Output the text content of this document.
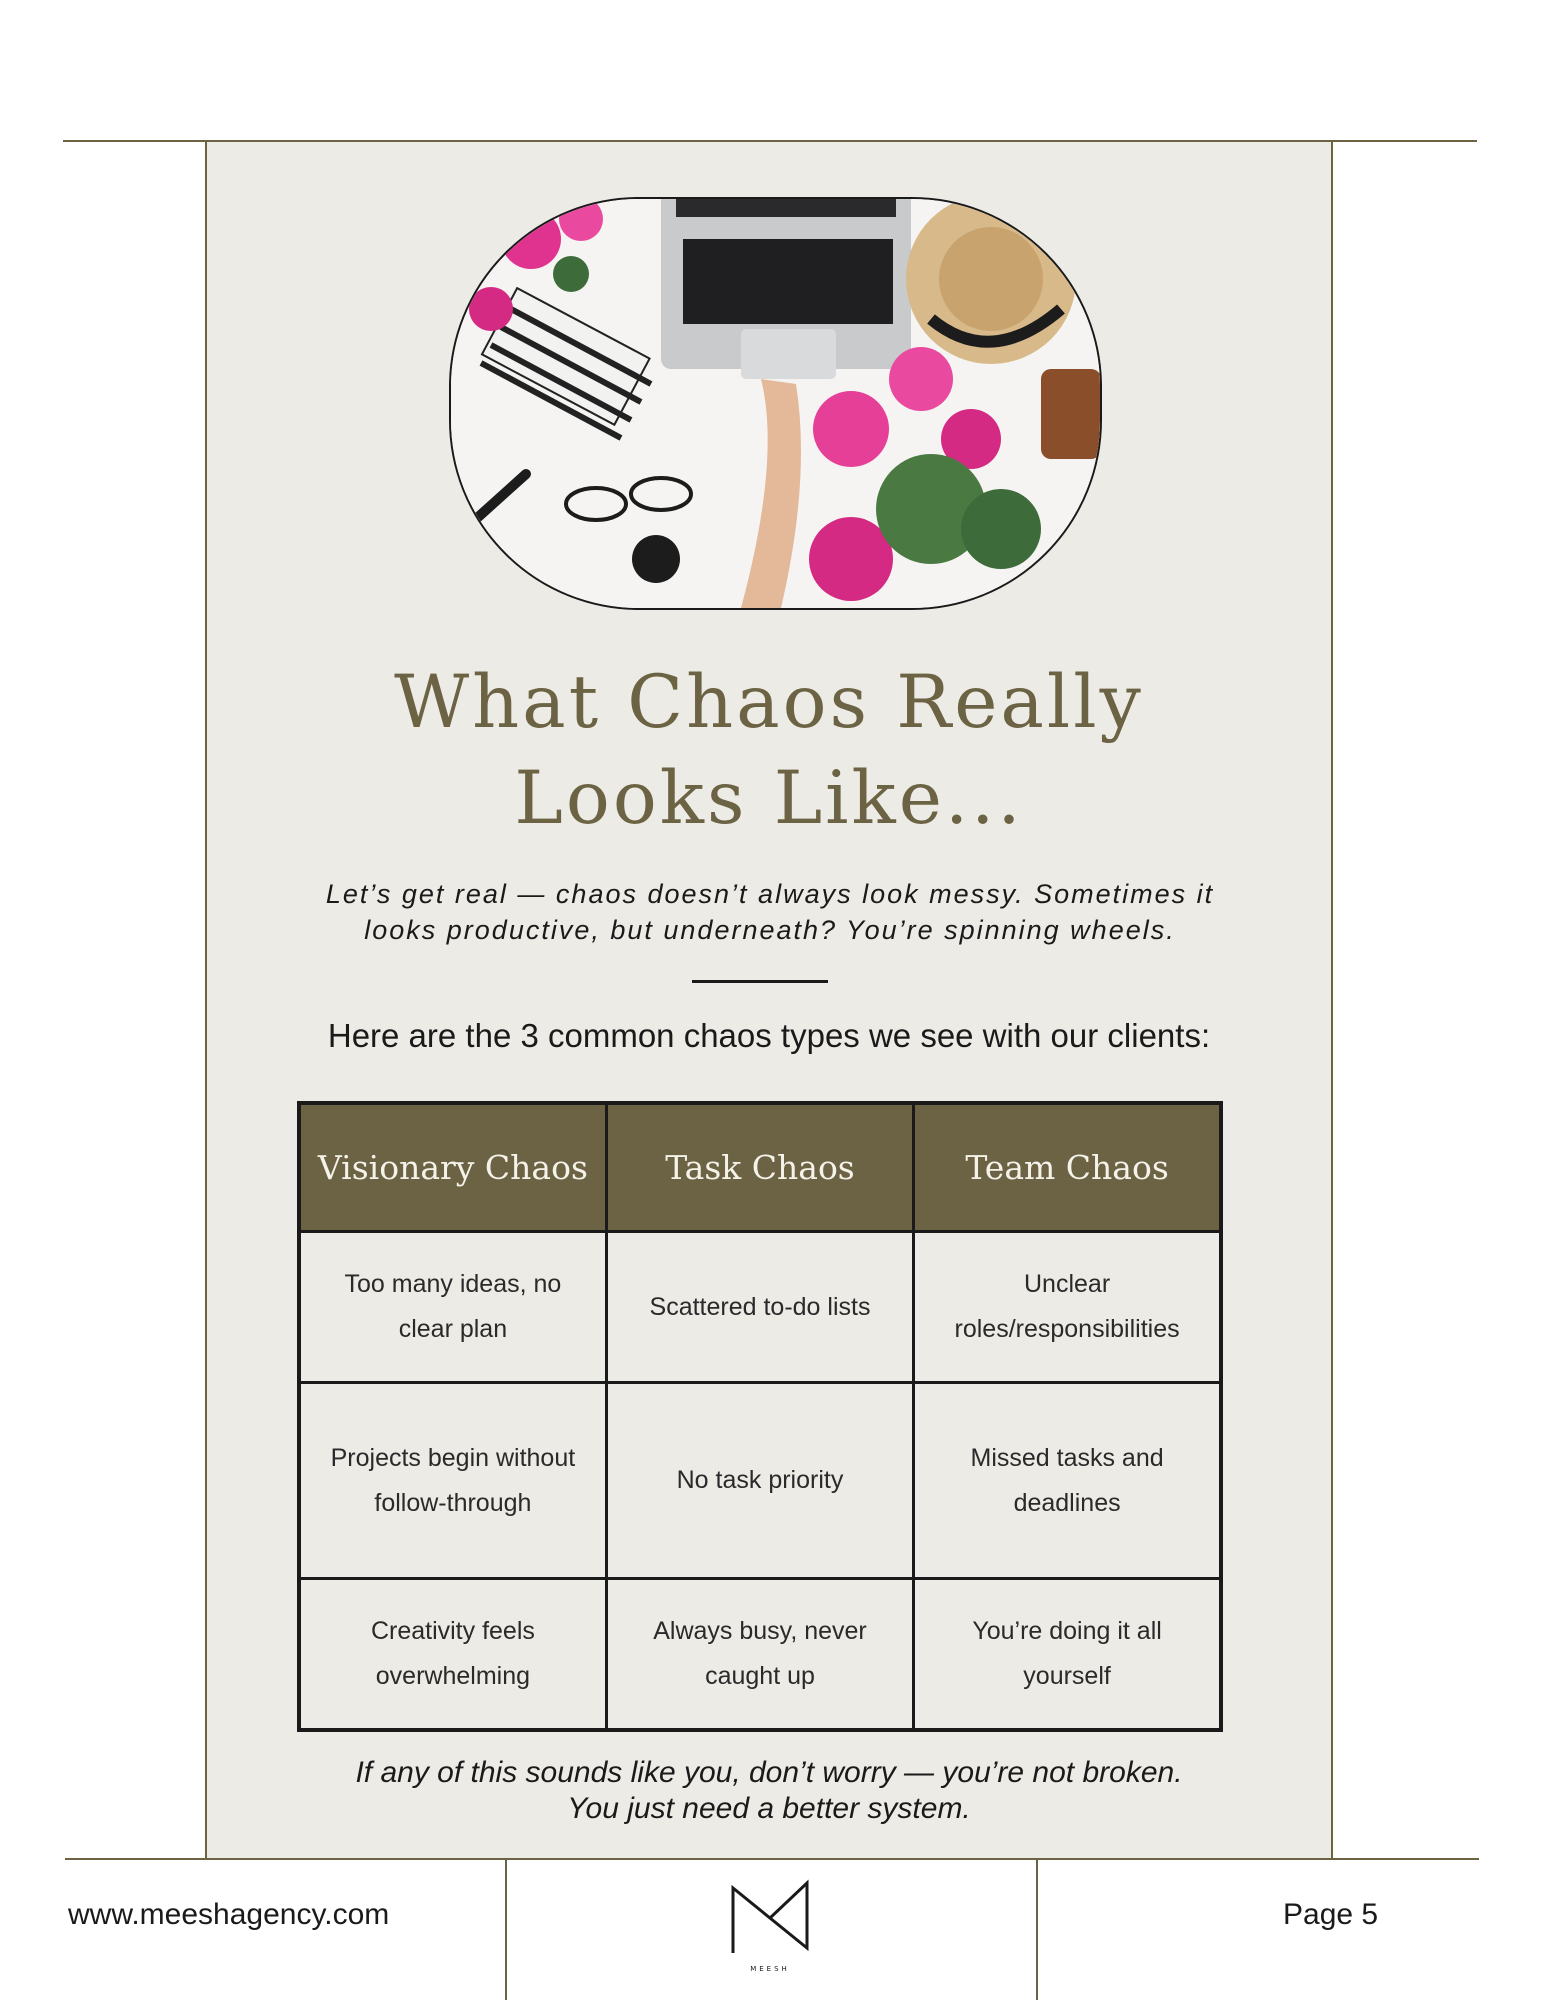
What Chaos Really
Looks Like...
Let’s get real — chaos doesn’t always look messy. Sometimes it
looks productive, but underneath? You’re spinning wheels.
Here are the 3 common chaos types we see with our clients:
Visionary Chaos	Task Chaos	Team Chaos
Too many ideas, no clear plan	Scattered to-do lists	Unclear roles/responsibilities
Projects begin without follow-through	No task priority	Missed tasks and deadlines
Creativity feels overwhelming	Always busy, never caught up	You’re doing it all yourself
If any of this sounds like you, don’t worry — you’re not broken.
You just need a better system.
www.meeshagency.com
MEESH
Page 5
